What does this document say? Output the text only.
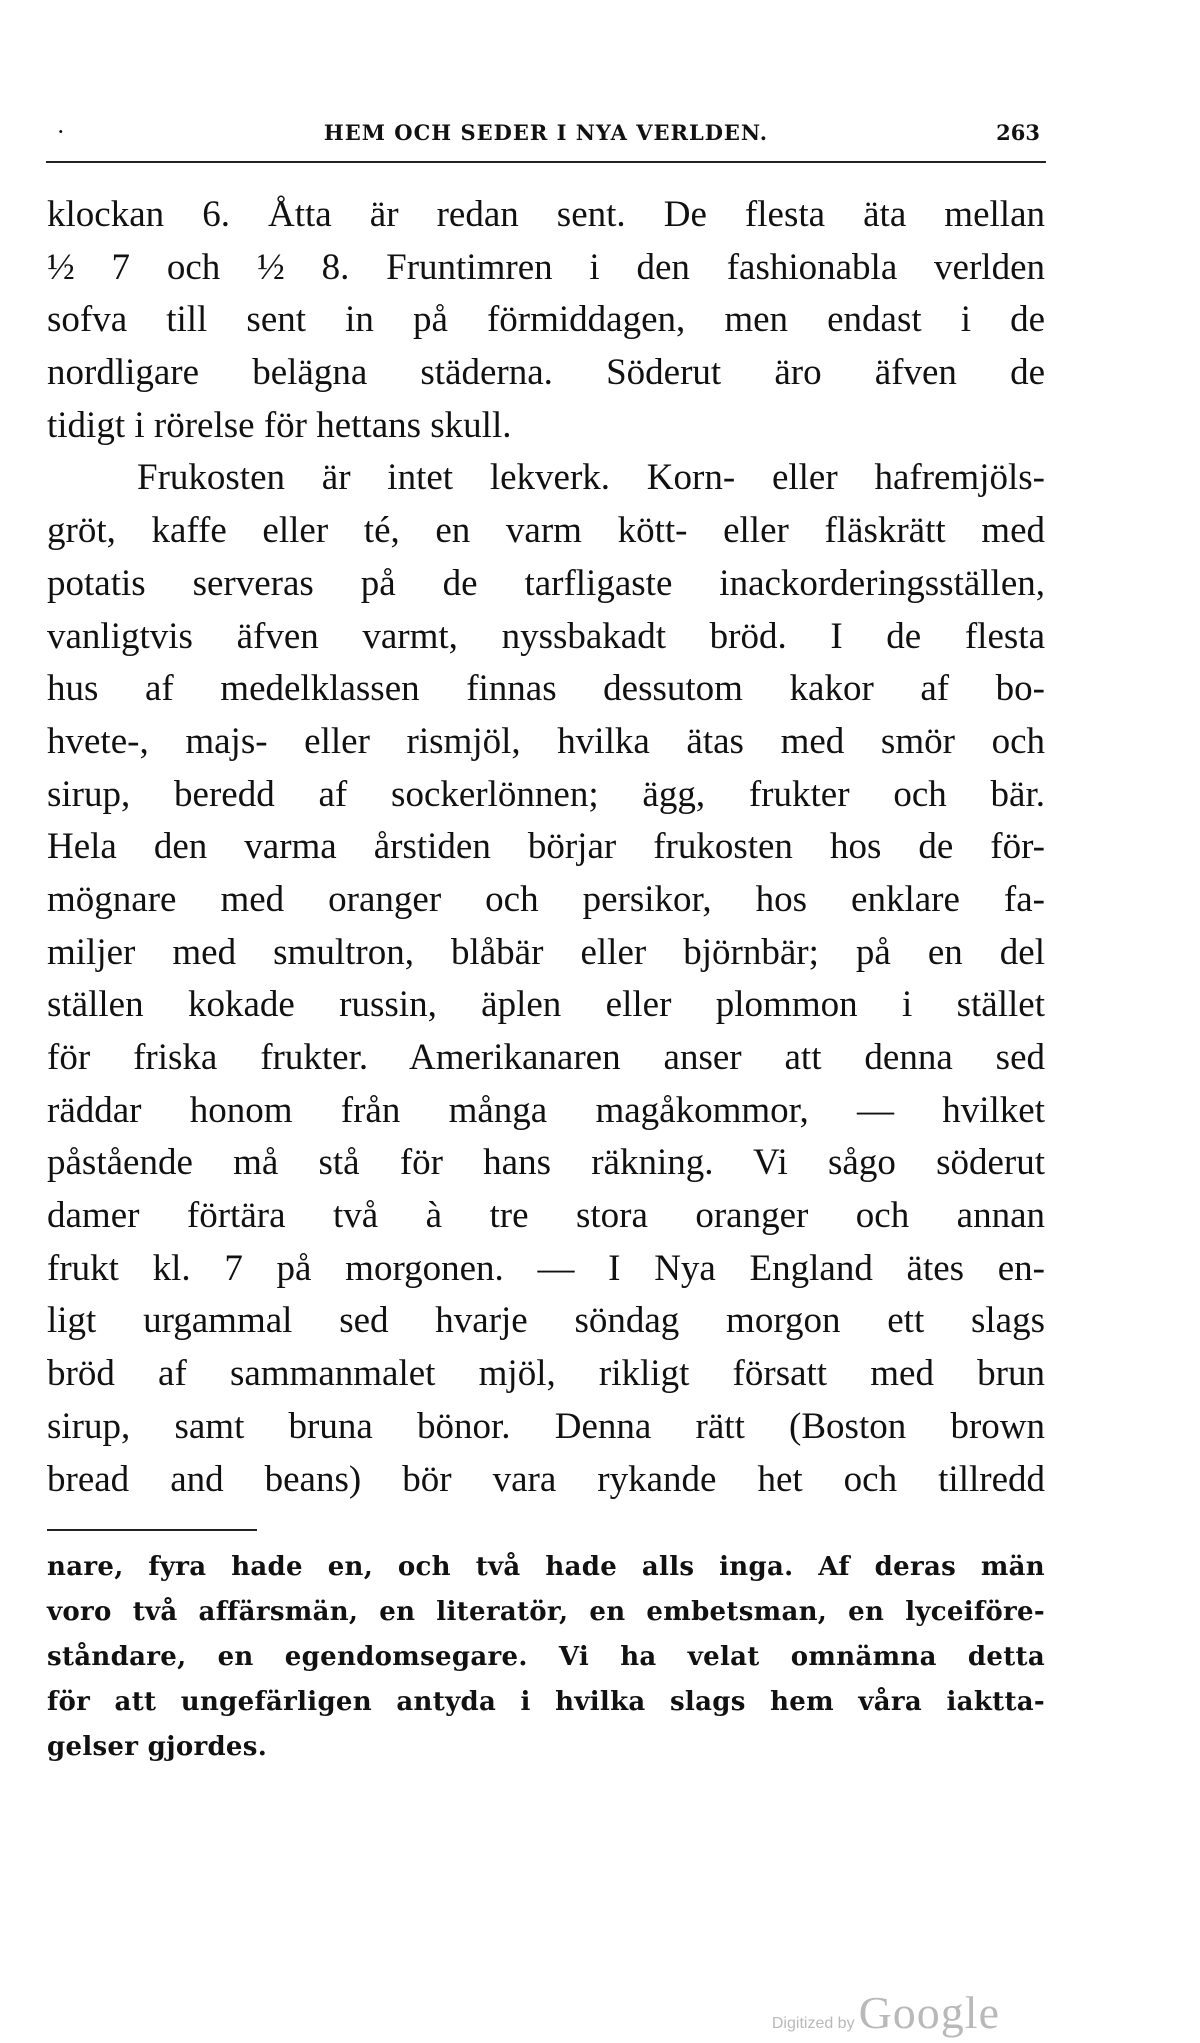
·	HEM OCH SEDER I NYA VERLDEN.	263
klockan 6. Åtta är redan sent. De flesta äta mellan
½ 7 och ½ 8. Fruntimren i den fashionabla verlden
sofva till sent in på förmiddagen, men endast i de
nordligare belägna städerna. Söderut äro äfven de
tidigt i rörelse för hettans skull.
Frukosten är intet lekverk. Korn- eller hafremjöls-
gröt, kaffe eller té, en varm kött- eller fläskrätt med
potatis serveras på de tarfligaste inackorderingsställen,
vanligtvis äfven varmt, nyssbakadt bröd. I de flesta
hus af medelklassen finnas dessutom kakor af bo-
hvete-, majs- eller rismjöl, hvilka ätas med smör och
sirup, beredd af sockerlönnen; ägg, frukter och bär.
Hela den varma årstiden börjar frukosten hos de för-
mögnare med oranger och persikor, hos enklare fa-
miljer med smultron, blåbär eller björnbär; på en del
ställen kokade russin, äplen eller plommon i stället
för friska frukter. Amerikanaren anser att denna sed
räddar honom från många magåkommor, — hvilket
påstående må stå för hans räkning. Vi sågo söderut
damer förtära två à tre stora oranger och annan
frukt kl. 7 på morgonen. — I Nya England ätes en-
ligt urgammal sed hvarje söndag morgon ett slags
bröd af sammanmalet mjöl, rikligt försatt med brun
sirup, samt bruna bönor. Denna rätt (Boston brown
bread and beans) bör vara rykande het och tillredd
nare, fyra hade en, och två hade alls inga. Af deras män
voro två affärsmän, en literatör, en embetsman, en lyceiföre-
ståndare, en egendomsegare. Vi ha velat omnämna detta
för att ungefärligen antyda i hvilka slags hem våra iaktta-
gelser gjordes.
Digitized byGoogle
